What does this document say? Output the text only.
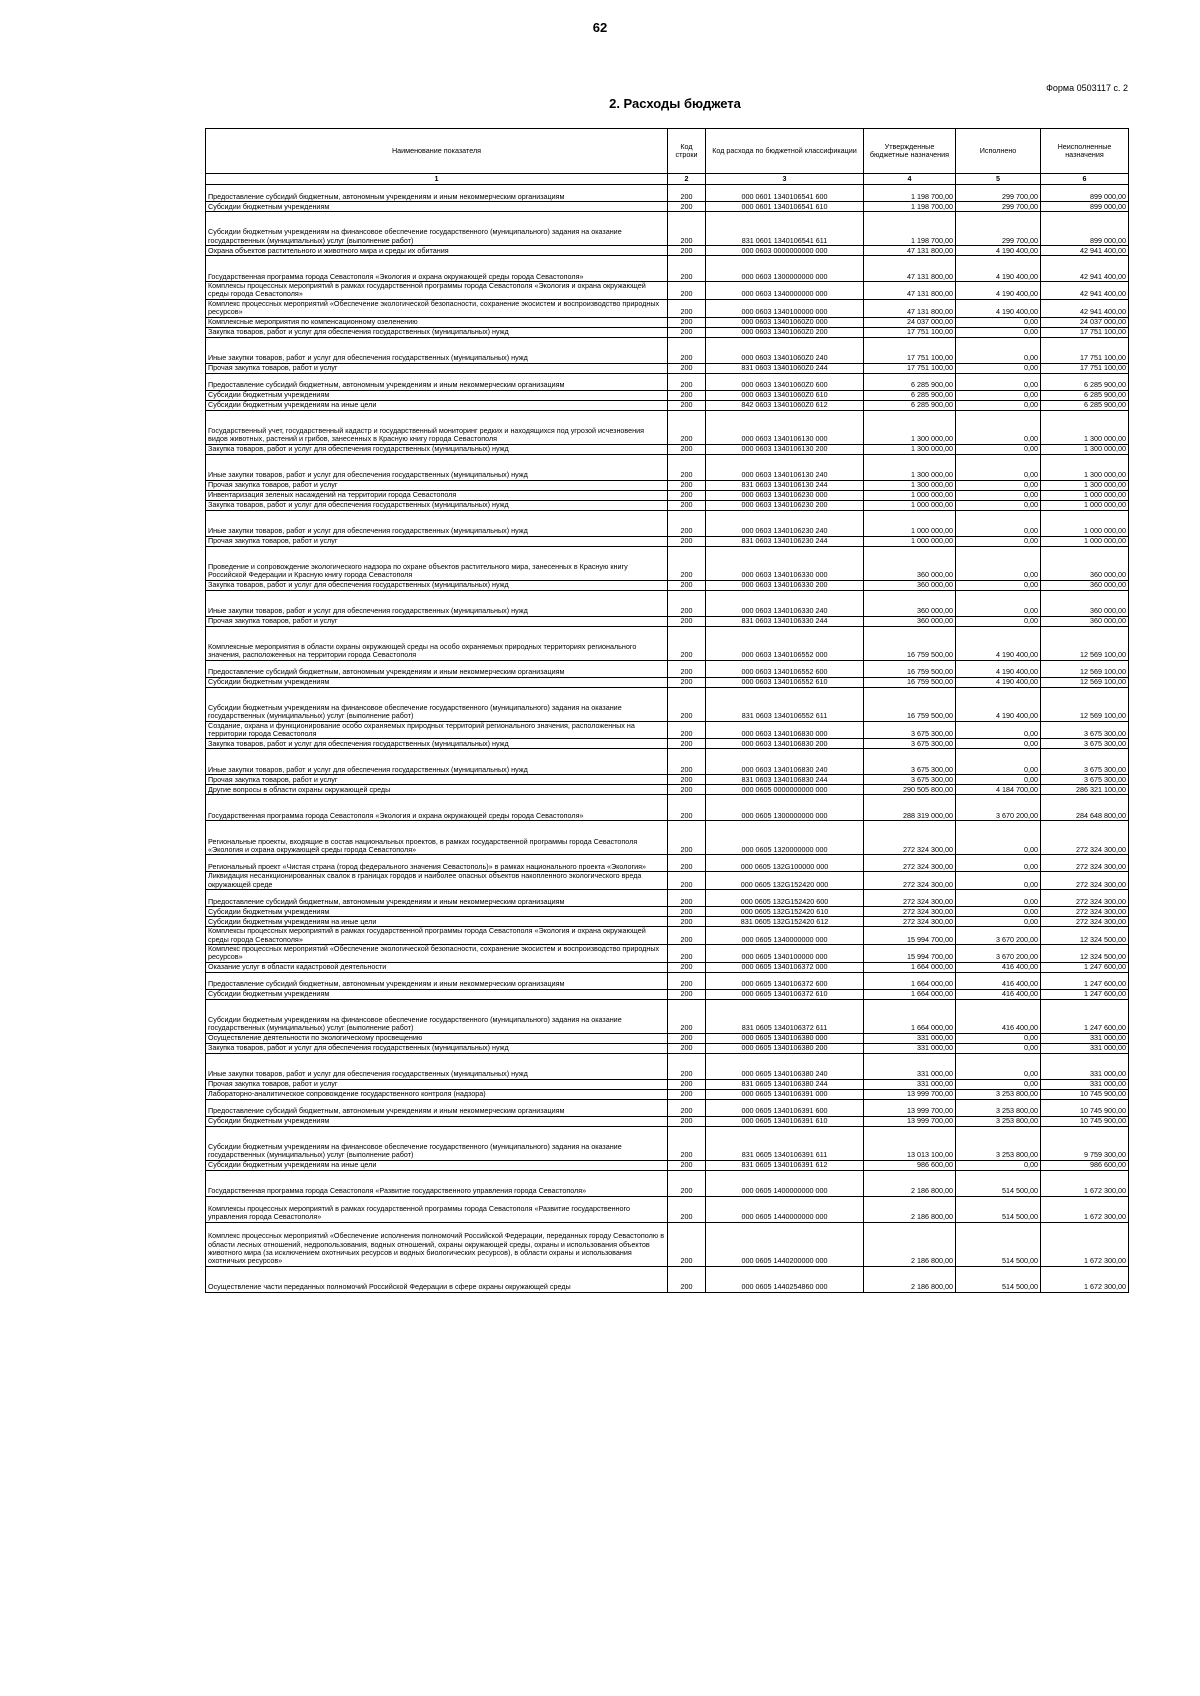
62
Форма 0503117 с. 2
2. Расходы бюджета
Наименование показателя	Код строки	Код расхода по бюджетной классификации	Утвержденные бюджетные назначения	Исполнено	Неисполненные назначения
1	2	3	4	5	6
Предоставление субсидий бюджетным, автономным учреждениям и иным некоммерческим организациям	200	000 0601 1340106541 600	1 198 700,00	299 700,00	899 000,00
Субсидии бюджетным учреждениям	200	000 0601 1340106541 610	1 198 700,00	299 700,00	899 000,00
Субсидии бюджетным учреждениям на финансовое обеспечение государственного (муниципального) задания на оказание государственных (муниципальных) услуг (выполнение работ)	200	831 0601 1340106541 611	1 198 700,00	299 700,00	899 000,00
Охрана объектов растительного и животного мира и среды их обитания	200	000 0603 0000000000 000	47 131 800,00	4 190 400,00	42 941 400,00
Государственная программа города Севастополя «Экология и охрана окружающей среды города Севастополя»	200	000 0603 1300000000 000	47 131 800,00	4 190 400,00	42 941 400,00
Комплексы процессных мероприятий в рамках государственной программы города Севастополя «Экология и охрана окружающей среды города Севастополя»	200	000 0603 1340000000 000	47 131 800,00	4 190 400,00	42 941 400,00
Комплекс процессных мероприятий «Обеспечение экологической безопасности, сохранение экосистем и воспроизводство природных ресурсов»	200	000 0603 1340100000 000	47 131 800,00	4 190 400,00	42 941 400,00
Комплексные мероприятия по компенсационному озеленению	200	000 0603 13401060Z0 000	24 037 000,00	0,00	24 037 000,00
Закупка товаров, работ и услуг для обеспечения государственных (муниципальных) нужд	200	000 0603 13401060Z0 200	17 751 100,00	0,00	17 751 100,00
Иные закупки товаров, работ и услуг для обеспечения государственных (муниципальных) нужд	200	000 0603 13401060Z0 240	17 751 100,00	0,00	17 751 100,00
Прочая закупка товаров, работ и услуг	200	831 0603 13401060Z0 244	17 751 100,00	0,00	17 751 100,00
Предоставление субсидий бюджетным, автономным учреждениям и иным некоммерческим организациям	200	000 0603 13401060Z0 600	6 285 900,00	0,00	6 285 900,00
Субсидии бюджетным учреждениям	200	000 0603 13401060Z0 610	6 285 900,00	0,00	6 285 900,00
Субсидии бюджетным учреждениям на иные цели	200	842 0603 13401060Z0 612	6 285 900,00	0,00	6 285 900,00
Государственный учет, государственный кадастр и государственный мониторинг редких и находящихся под угрозой исчезновения видов животных, растений и грибов, занесенных в Красную книгу города Севастополя	200	000 0603 1340106130 000	1 300 000,00	0,00	1 300 000,00
Закупка товаров, работ и услуг для обеспечения государственных (муниципальных) нужд	200	000 0603 1340106130 200	1 300 000,00	0,00	1 300 000,00
Иные закупки товаров, работ и услуг для обеспечения государственных (муниципальных) нужд	200	000 0603 1340106130 240	1 300 000,00	0,00	1 300 000,00
Прочая закупка товаров, работ и услуг	200	831 0603 1340106130 244	1 300 000,00	0,00	1 300 000,00
Инвентаризация зеленых насаждений на территории города Севастополя	200	000 0603 1340106230 000	1 000 000,00	0,00	1 000 000,00
Закупка товаров, работ и услуг для обеспечения государственных (муниципальных) нужд	200	000 0603 1340106230 200	1 000 000,00	0,00	1 000 000,00
Иные закупки товаров, работ и услуг для обеспечения государственных (муниципальных) нужд	200	000 0603 1340106230 240	1 000 000,00	0,00	1 000 000,00
Прочая закупка товаров, работ и услуг	200	831 0603 1340106230 244	1 000 000,00	0,00	1 000 000,00
Проведение и сопровождение экологического надзора по охране объектов растительного мира, занесенных в Красную книгу Российской Федерации и Красную книгу города Севастополя	200	000 0603 1340106330 000	360 000,00	0,00	360 000,00
Закупка товаров, работ и услуг для обеспечения государственных (муниципальных) нужд	200	000 0603 1340106330 200	360 000,00	0,00	360 000,00
Иные закупки товаров, работ и услуг для обеспечения государственных (муниципальных) нужд	200	000 0603 1340106330 240	360 000,00	0,00	360 000,00
Прочая закупка товаров, работ и услуг	200	831 0603 1340106330 244	360 000,00	0,00	360 000,00
Комплексные мероприятия в области охраны окружающей среды на особо охраняемых природных территориях регионального значения, расположенных на территории города Севастополя	200	000 0603 1340106552 000	16 759 500,00	4 190 400,00	12 569 100,00
Предоставление субсидий бюджетным, автономным учреждениям и иным некоммерческим организациям	200	000 0603 1340106552 600	16 759 500,00	4 190 400,00	12 569 100,00
Субсидии бюджетным учреждениям	200	000 0603 1340106552 610	16 759 500,00	4 190 400,00	12 569 100,00
Субсидии бюджетным учреждениям на финансовое обеспечение государственного (муниципального) задания на оказание государственных (муниципальных) услуг (выполнение работ)	200	831 0603 1340106552 611	16 759 500,00	4 190 400,00	12 569 100,00
Создание, охрана и функционирование особо охраняемых природных территорий регионального значения, расположенных на территории города Севастополя	200	000 0603 1340106830 000	3 675 300,00	0,00	3 675 300,00
Закупка товаров, работ и услуг для обеспечения государственных (муниципальных) нужд	200	000 0603 1340106830 200	3 675 300,00	0,00	3 675 300,00
Иные закупки товаров, работ и услуг для обеспечения государственных (муниципальных) нужд	200	000 0603 1340106830 240	3 675 300,00	0,00	3 675 300,00
Прочая закупка товаров, работ и услуг	200	831 0603 1340106830 244	3 675 300,00	0,00	3 675 300,00
Другие вопросы в области охраны окружающей среды	200	000 0605 0000000000 000	290 505 800,00	4 184 700,00	286 321 100,00
Государственная программа города Севастополя «Экология и охрана окружающей среды города Севастополя»	200	000 0605 1300000000 000	288 319 000,00	3 670 200,00	284 648 800,00
Региональные проекты, входящие в состав национальных проектов, в рамках государственной программы города Севастополя «Экология и охрана окружающей среды города Севастополя»	200	000 0605 1320000000 000	272 324 300,00	0,00	272 324 300,00
Региональный проект «Чистая страна (город федерального значения Севастополь)» в рамках национального проекта «Экология»	200	000 0605 132G100000 000	272 324 300,00	0,00	272 324 300,00
Ликвидация несанкционированных свалок в границах городов и наиболее опасных объектов накопленного экологического вреда окружающей среде	200	000 0605 132G152420 000	272 324 300,00	0,00	272 324 300,00
Предоставление субсидий бюджетным, автономным учреждениям и иным некоммерческим организациям	200	000 0605 132G152420 600	272 324 300,00	0,00	272 324 300,00
Субсидии бюджетным учреждениям	200	000 0605 132G152420 610	272 324 300,00	0,00	272 324 300,00
Субсидии бюджетным учреждениям на иные цели	200	831 0605 132G152420 612	272 324 300,00	0,00	272 324 300,00
Комплексы процессных мероприятий в рамках государственной программы города Севастополя «Экология и охрана окружающей среды города Севастополя»	200	000 0605 1340000000 000	15 994 700,00	3 670 200,00	12 324 500,00
Комплекс процессных мероприятий «Обеспечение экологической безопасности, сохранение экосистем и воспроизводство природных ресурсов»	200	000 0605 1340100000 000	15 994 700,00	3 670 200,00	12 324 500,00
Оказание услуг в области кадастровой деятельности	200	000 0605 1340106372 000	1 664 000,00	416 400,00	1 247 600,00
Предоставление субсидий бюджетным, автономным учреждениям и иным некоммерческим организациям	200	000 0605 1340106372 600	1 664 000,00	416 400,00	1 247 600,00
Субсидии бюджетным учреждениям	200	000 0605 1340106372 610	1 664 000,00	416 400,00	1 247 600,00
Субсидии бюджетным учреждениям на финансовое обеспечение государственного (муниципального) задания на оказание государственных (муниципальных) услуг (выполнение работ)	200	831 0605 1340106372 611	1 664 000,00	416 400,00	1 247 600,00
Осуществление деятельности по экологическому просвещению	200	000 0605 1340106380 000	331 000,00	0,00	331 000,00
Закупка товаров, работ и услуг для обеспечения государственных (муниципальных) нужд	200	000 0605 1340106380 200	331 000,00	0,00	331 000,00
Иные закупки товаров, работ и услуг для обеспечения государственных (муниципальных) нужд	200	000 0605 1340106380 240	331 000,00	0,00	331 000,00
Прочая закупка товаров, работ и услуг	200	831 0605 1340106380 244	331 000,00	0,00	331 000,00
Лабораторно-аналитическое сопровождение государственного контроля (надзора)	200	000 0605 1340106391 000	13 999 700,00	3 253 800,00	10 745 900,00
Предоставление субсидий бюджетным, автономным учреждениям и иным некоммерческим организациям	200	000 0605 1340106391 600	13 999 700,00	3 253 800,00	10 745 900,00
Субсидии бюджетным учреждениям	200	000 0605 1340106391 610	13 999 700,00	3 253 800,00	10 745 900,00
Субсидии бюджетным учреждениям на финансовое обеспечение государственного (муниципального) задания на оказание государственных (муниципальных) услуг (выполнение работ)	200	831 0605 1340106391 611	13 013 100,00	3 253 800,00	9 759 300,00
Субсидии бюджетным учреждениям на иные цели	200	831 0605 1340106391 612	986 600,00	0,00	986 600,00
Государственная программа города Севастополя «Развитие государственного управления города Севастополя»	200	000 0605 1400000000 000	2 186 800,00	514 500,00	1 672 300,00
Комплексы процессных мероприятий в рамках государственной программы города Севастополя «Развитие государственного управления города Севастополя»	200	000 0605 1440000000 000	2 186 800,00	514 500,00	1 672 300,00
Комплекс процессных мероприятий «Обеспечение исполнения полномочий Российской Федерации, переданных городу Севастополю в области лесных отношений, недропользования, водных отношений, охраны окружающей среды, охраны и использования объектов животного мира (за исключением охотничьих ресурсов и водных биологических ресурсов), в области охраны и использования охотничьих ресурсов»	200	000 0605 1440200000 000	2 186 800,00	514 500,00	1 672 300,00
Осуществление части переданных полномочий Российской Федерации в сфере охраны окружающей среды	200	000 0605 1440254860 000	2 186 800,00	514 500,00	1 672 300,00
